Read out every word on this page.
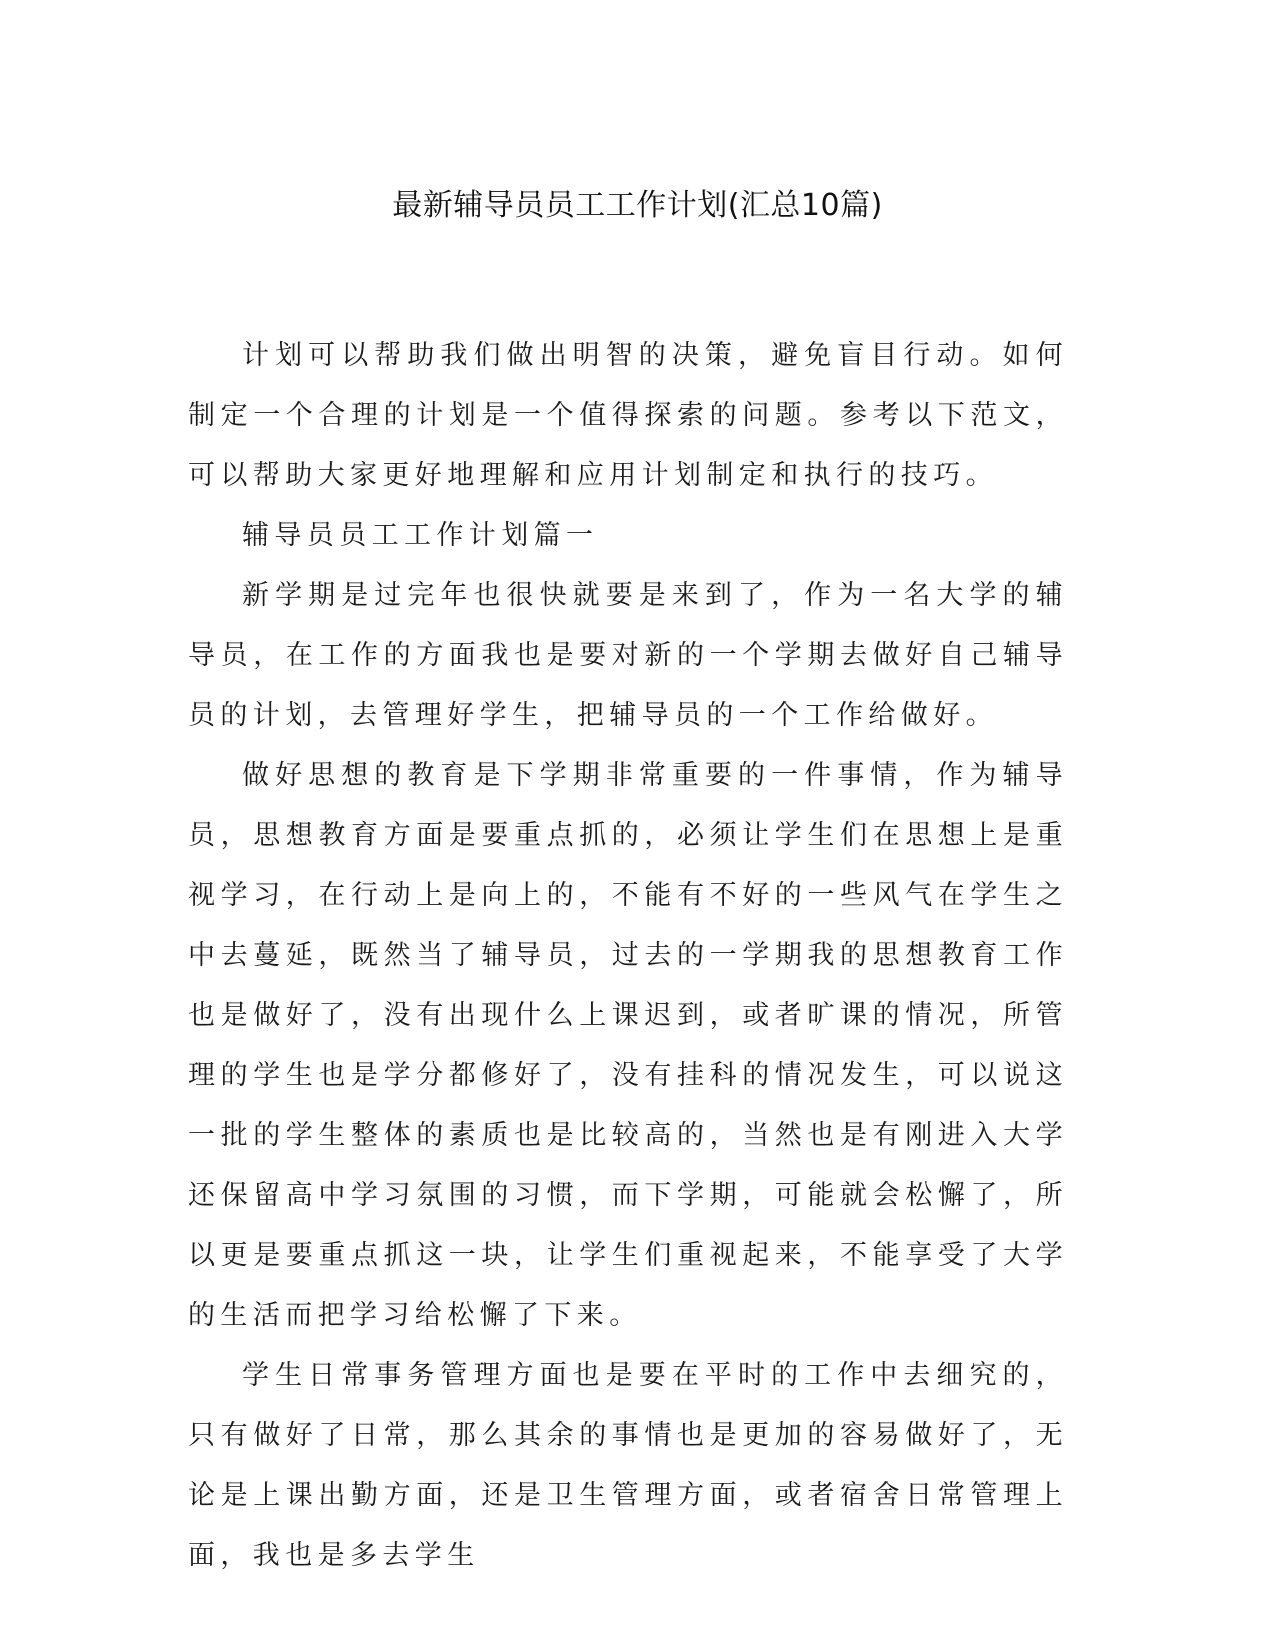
最新辅导员员工工作计划(汇总10篇)

计划可以帮助我们做出明智的决策，避免盲目行动。如何制定一个合理的计划是一个值得探索的问题。参考以下范文，可以帮助大家更好地理解和应用计划制定和执行的技巧。

辅导员员工工作计划篇一

新学期是过完年也很快就要是来到了，作为一名大学的辅导员，在工作的方面我也是要对新的一个学期去做好自己辅导员的计划，去管理好学生，把辅导员的一个工作给做好。

做好思想的教育是下学期非常重要的一件事情，作为辅导员，思想教育方面是要重点抓的，必须让学生们在思想上是重视学习，在行动上是向上的，不能有不好的一些风气在学生之中去蔓延，既然当了辅导员，过去的一学期我的思想教育工作也是做好了，没有出现什么上课迟到，或者旷课的情况，所管理的学生也是学分都修好了，没有挂科的情况发生，可以说这一批的学生整体的素质也是比较高的，当然也是有刚进入大学还保留高中学习氛围的习惯，而下学期，可能就会松懈了，所以更是要重点抓这一块，让学生们重视起来，不能享受了大学的生活而把学习给松懈了下来。

学生日常事务管理方面也是要在平时的工作中去细究的，只有做好了日常，那么其余的事情也是更加的容易做好了，无论是上课出勤方面，还是卫生管理方面，或者宿舍日常管理上面，我也是多去学生
